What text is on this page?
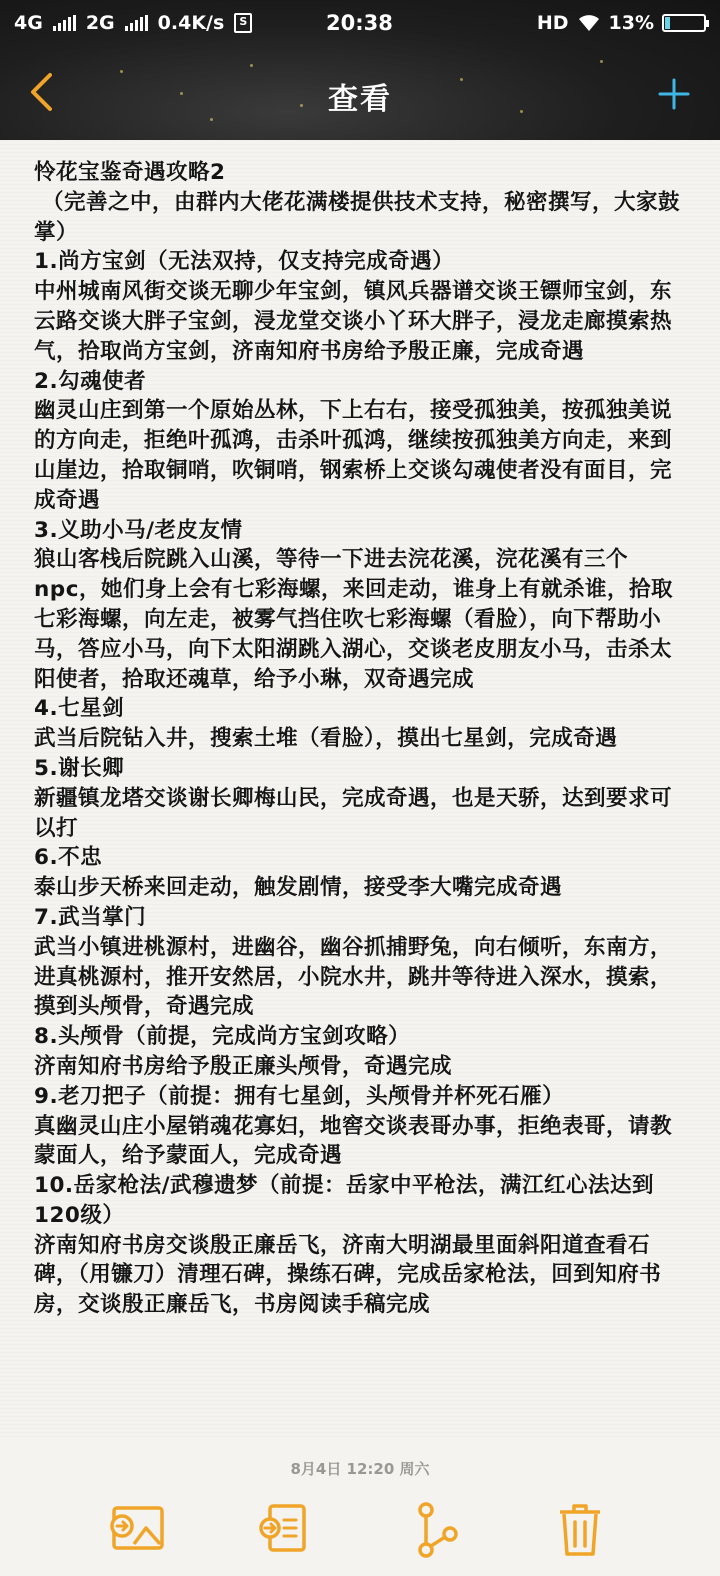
4G 2G 0.4K/s	S	20:38	HD 13%
查看
怜花宝鉴奇遇攻略2
（完善之中，由群内大佬花满楼提供技术支持，秘密撰写，大家鼓掌）
1.尚方宝剑（无法双持，仅支持完成奇遇）
中州城南风街交谈无聊少年宝剑，镇风兵器谱交谈王镖师宝剑，东云路交谈大胖子宝剑，浸龙堂交谈小丫环大胖子，浸龙走廊摸索热气，拾取尚方宝剑，济南知府书房给予殷正廉，完成奇遇
2.勾魂使者
幽灵山庄到第一个原始丛林，下上右右，接受孤独美，按孤独美说的方向走，拒绝叶孤鸿，击杀叶孤鸿，继续按孤独美方向走，来到山崖边，拾取铜哨，吹铜哨，钢索桥上交谈勾魂使者没有面目，完成奇遇
3.义助小马/老皮友情
狼山客栈后院跳入山溪，等待一下进去浣花溪，浣花溪有三个npc，她们身上会有七彩海螺，来回走动，谁身上有就杀谁，拾取七彩海螺，向左走，被雾气挡住吹七彩海螺（看脸），向下帮助小马，答应小马，向下太阳湖跳入湖心，交谈老皮朋友小马，击杀太阳使者，拾取还魂草，给予小琳，双奇遇完成
4.七星剑
武当后院钻入井，搜索土堆（看脸），摸出七星剑，完成奇遇
5.谢长卿
新疆镇龙塔交谈谢长卿梅山民，完成奇遇，也是天骄，达到要求可以打
6.不忠
泰山步天桥来回走动，触发剧情，接受李大嘴完成奇遇
7.武当掌门
武当小镇进桃源村，进幽谷，幽谷抓捕野兔，向右倾听，东南方，进真桃源村，推开安然居，小院水井，跳井等待进入深水，摸索，摸到头颅骨，奇遇完成
8.头颅骨（前提，完成尚方宝剑攻略）
济南知府书房给予殷正廉头颅骨，奇遇完成
9.老刀把子（前提：拥有七星剑，头颅骨并杯死石雁）
真幽灵山庄小屋销魂花寡妇，地窖交谈表哥办事，拒绝表哥，请教蒙面人，给予蒙面人，完成奇遇
10.岳家枪法/武穆遗梦（前提：岳家中平枪法，满江红心法达到120级）
济南知府书房交谈殷正廉岳飞，济南大明湖最里面斜阳道查看石碑，（用镰刀）清理石碑，操练石碑，完成岳家枪法，回到知府书房，交谈殷正廉岳飞，书房阅读手稿完成
8月4日 12:20 周六
